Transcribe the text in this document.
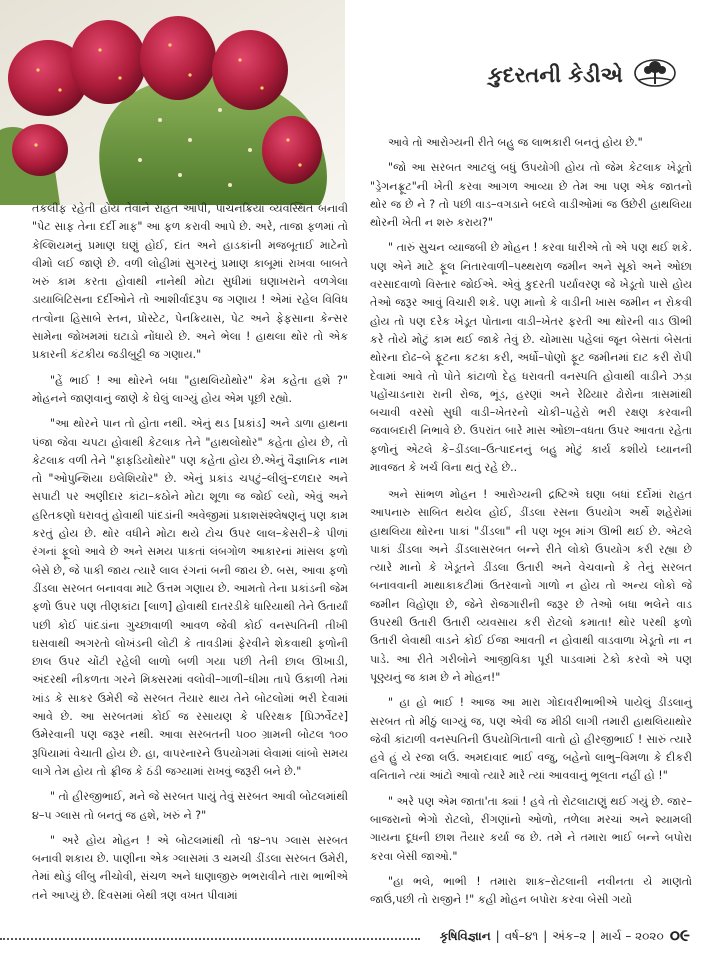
કુદરતની કેડીએ

તકલીફ રહેતી હોય તેવાને રાહત આપી, પાચનક્રિયા વ્યવસ્થિત બનાવી "પેટ સાફ તેના દર્દી માફ" આ ફળ કરાવી આપે છે. અરે, તાજા ફળમાં તો કેલ્શિયમનું પ્રમાણ ઘણું હોઈ, દાંત અને હાડકાંની મજબૂતાઈ માટેનો વીમો લઈ જાણે છે. વળી લોહીમાં સુગરનું પ્રમાણ કાબૂમાં રાખવા બાબતે ખરું કામ કરતા હોવાથી નાનેથી મોટા સુધીમાં ઘણાખરાને વળગેલા ડાયાબિટિસના દર્દીઓને તો આશીર્વાદરૂપ જ ગણાય ! એમાં રહેલ વિવિધ તત્વોના હિસાબે સ્તન, પ્રોસ્ટેટ, પેનક્રિયાસ, પેટ અને ફેફસાના કેન્સર સામેના જોખમમાં ઘટાડો નોંધાયે છે. અને ભેલા ! હાથલા થોર તો એક પ્રકારની કંટકીય જડીબુટ્ટી જ ગણાય."

"હેં ભાઈ ! આ થોરને બધા "હાથલિયોથોર" કેમ કહેતા હશે ?" મોહનને જાણવાનું જાણે કે ઘેલું લાગ્યું હોય એમ પૂછી રહ્યો.

"આ થોરને પાન તો હોતા નથી. એનું થડ [પ્રકાંડ] અને ડાળા હાથના પંજા જેવા ચપટા હોવાથી કેટલાક તેને "હાથલોથોર" કહેતા હોય છે, તો કેટલાક વળી તેને "ફાફડિયોથોર" પણ કહેતા હોય છે.એનું વૈજ્ઞાનિક નામ તો "ઓપુન્શિયા ઇલેશિયોર" છે. એનું પ્રકાંડ ચપટું–લીલું–દળદાર અને સપાટી પર અણીદાર કાંટા–કઠોને મોટા શૂળા જ જોઈ લ્યો, એવું અને હરિતકણો ધરાવતું હોવાથી પાંદડાંની અવેજીમાં પ્રકાશસંશ્લેષણનું પણ કામ કરતું હોય છે. થોર વધીને મોટા થયે ટોચ ઉપર લાલ–કેસરી–કે પીળાં રંગનાં ફૂલો આવે છે અને સમય પાકતાં લંબગોળ આકારનાં માંસલ ફળો બેસે છે, જે પાકી જાય ત્યારે લાલ રંગનાં બની જાય છે. બસ, આવા ફળો ડીંડલા સરબત બનાવવા માટે ઉત્તમ ગણાય છે. આમતો તેના પ્રકાંડની જેમ ફળો ઉપર પણ તીણકાંટા [લાળ] હોવાથી દાતરડીકે ધારિયાથી તેને ઉતાર્યાં પછી કોઈ પાંદડાંના ગુચ્છાવાળી આવળ જેવી કોઈ વનસ્પતિની તીખી ઘસવાથી અગરતો લોખંડની લોટી કે તાવડીમાં ફેરવીને શેકવાથી ફળોની છાલ ઉપર ચોંટી રહેલી લાળો બળી ગયા પછી તેની છાલ ઊખાડી, અંદરથી નીકળતા ગરને મિક્સરમાં વલોવી–ગાળી–ધીમા તાપે ઉકાળી તેમાં ખાંડ કે સાકર ઉમેરી જે સરબત તૈયાર થાય તેને બોટલોમાં ભરી દેવામાં આવે છે. આ સરબતમાં કોઈ જ રસાયણ કે પરિરક્ષક [પ્રિઝર્વેટર] ઉમેરવાની પણ જરૂર નથી. આવા સરબતની ૫૦૦ ગ્રામની બોટલ ૧૦૦ રૂપિયામાં વેચાતી હોય છે. હા, વાપરનારને ઉપયોગમાં લેવામાં લાંબો સમય લાગે તેમ હોય તો ફ્રીજ કે ઠંડી જગ્યામાં રાખવું જરૂરી બને છે."

" તો હીરજીભાઈ, મને જે સરબત પાયું તેવું સરબત આવી બોટલમાંથી ૪–૫ ગ્લાસ તો બનતું જ હશે, ખરું ને ?"

" અરે હોય મોહન ! એ બોટલમાંથી તો ૧૪–૧૫ ગ્લાસ સરબત બનાવી શકાય છે. પાણીના એક ગ્લાસમાં ૩ ચમચી ડીંડલા સરબત ઉમેરી, તેમાં થોડું લીંબુ નીચોવી, સંચળ અને ધાણાજીરુ ભભરાવીને તારા ભાભીએ તને આપ્યું છે. દિવસમાં બેથી ત્રણ વખત પીવામાં

આવે તો આરોગ્યની રીતે બહુ જ લાભકારી બનતું હોય છે."

"જો આ સરબત આટલું બધું ઉપયોગી હોય તો જેમ કેટલાક ખેડૂતો "ડ્રેગનફ્રૂટ"ની ખેતી કરવા આગળ આવ્યા છે તેમ આ પણ એક જાતનો થોર જ છે ને ? તો પછી વાડ–વગડાને બદલે વાડીઓમાં જ ઉછેરી હાથલિયા થોરની ખેતી ન શરુ કરાય?"

" તારું સુચન વ્યાજબી છે મોહન ! કરવા ધારીએ તો એ પણ થઈ શકે. પણ એને માટે ફૂલ નિતારવાળી–પથ્થરાળ જમીન અને સૂકો અને ઓછા વરસાદવાળો વિસ્તાર જોઈએ. એવું કુદરતી પર્યાવરણ જે ખેડૂતો પાસે હોય તેઓ જરૂર આવું વિચારી શકે. પણ માનો કે વાડીની ખાસ જમીન ન રોકવી હોય તો પણ દરેક ખેડૂત પોતાના વાડી–ખેતર ફરતી આ થોરની વાડ ઊભી કરે તોયે મોટું કામ થઈ જાકે તેવું છે. ચોમાસા પહેલાં જૂન બેસતાં બેસતાં થોરના દોઢ–બે ફૂટના કટકા કરી, અર્ધો–પોણો ફૂટ જમીનમાં દાટ કરી રોપી દેવામાં આવે તો પોતે કાંટાળો દેહ ધરાવતી વનસ્પતિ હોવાથી વાડીને ઝડ઼ા પહોંચાડનારા રાની રોજ, ભૂંડ, હરણાં અને રેઢિયાર ઢોરોના ત્રાસમાંથી બચાવી વરસો સુધી વાડી–ખેતરનો ચોકી–પહેરો ભરી રક્ષણ કરવાની જવાબદારી નિભાવે છે. ઉપરાંત બારે માસ ઓછા–વધતા ઉપર આવતા રહેતા ફળોનું એટલે કે–ડીંડલા–ઉત્પાદનનું બહુ મોટું કાર્ય કશીયે ધ્યાનની માવજત કે ખર્ચ વિના થતું રહે છે..

અને સાંભળ મોહન ! આરોગ્યની દ્રષ્ટિએ ઘણા બધાં દર્દોમાં રાહત આપનારુ સાબિત થયેલ હોઈ, ડીંડલા રસના ઉપયોગ અર્થે શહેરોમાં હાથલિયા થોરના પાકાં "ડીંડલા" ની પણ ખૂબ માંગ ઊભી થઈ છે. એટલે પાકાં ડીંડલા અને ડીંડલાસરબત બન્ને રીતે લોકો ઉપયોગ કરી રહ્યા છે ત્યારે માનો કે ખેડૂતને ડીંડલા ઉતારી અને વેચવાનો કે તેનું સરબત બનાવવાની માથાકાકટીમાં ઉતરવાનો ગાળો ન હોય તો અન્ય લોકો જે જમીન વિહોણા છે, જેને રોજગારીની જરૂર છે તેઓ બધા ભલેને વાડ ઉપરથી ઉતારી ઉતારી વ્યવસાય કરી રોટલો કમાતા! થોર પરથી ફળો ઉતારી લેવાથી વાડને કોઈ ઈજા આવતી ન હોવાથી વાડવાળા ખેડૂતો ના ન પાડે. આ રીતે ગરીબોને આજીવિકા પૂરી પાડવામાં ટેકો કરવો એ પણ પૂણ્યનું જ કામ છે ને મોહન!"

" હા હો ભાઈ ! આજ આ મારા ગોદાવરીભાભીએ પાયેલું ડીંડલાનું સરબત તો મીઠું લાગ્યું જ, પણ એવી જ મીઠી લાગી તમારી હાથલિયાથોર જેવી કાંટાળી વનસ્પતિની ઉપયોગિતાની વાતો હો હીરજીભાઈ ! સારું ત્યારે હવે હું યે રજા લઉં. અમદાવાદ ભાઈ વજુ, બહેનો લાભુ–વિમળા કે દીકરી વનિતાને ત્યાં આંટો આવો ત્યારે મારે ત્યાં આવવાનું ભૂલતા નહીં હો !"

" અરે પણ એમ જાતા'તા ક્યાં ! હવે તો રોટલાટાણું થઈ ગયું છે. જાર–બાજરાનો ભેગો રોટલો, રીંગણાંનો ઓળો, તળેલા મરચાં અને શ્યામલી ગાયના દૂધની છાશ તૈયાર કર્યા જ છે. તમે ને તમારા ભાઈ બન્ને બપોરા કરવા બેસી જાઓ."

"હા ભલે, ભાભી ! તમારા શાક–રોટલાની નવીનતા યે માણતો જાઉં,પછી તો રાજીને !" કહી મોહન બપોરા કરવા બેસી ગયો

કૃષિવિજ્ઞાન | વર્ષ–૪૧ | અંક–૨ | માર્ચ – ૨૦૨૦ ૦૯
